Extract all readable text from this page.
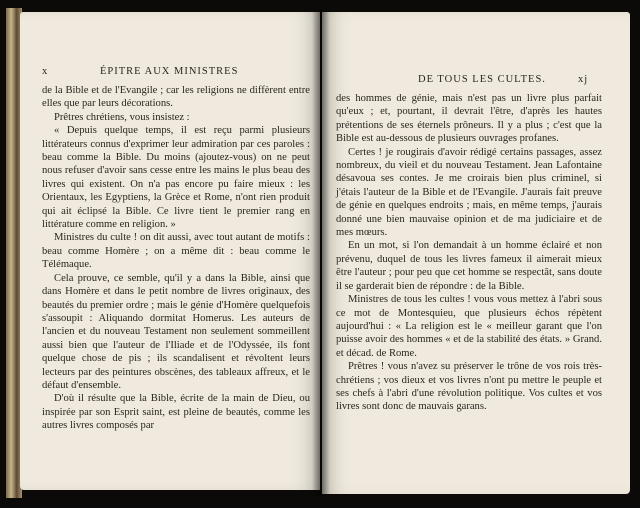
x	ÉPITRE AUX MINISTRES

de la Bible et de l'Evangile ; car les religions ne diffèrent entre elles que par leurs décorations.

Prêtres chrétiens, vous insistez :

« Depuis quelque temps, il est reçu parmi plusieurs littérateurs connus d'exprimer leur admiration par ces paroles : beau comme la Bible. Du moins (ajoutez-vous) on ne peut nous refuser d'avoir sans cesse entre les mains le plus beau des livres qui existent. On n'a pas encore pu faire mieux : les Orientaux, les Egyptiens, la Grèce et Rome, n'ont rien produit qui ait éclipsé la Bible. Ce livre tient le premier rang en littérature comme en religion. »

Ministres du culte ! on dit aussi, avec tout autant de motifs : beau comme Homère ; on a même dit : beau comme le Télémaque.

Cela prouve, ce semble, qu'il y a dans la Bible, ainsi que dans Homère et dans le petit nombre de livres originaux, des beautés du premier ordre ; mais le génie d'Homère quelquefois s'assoupit : Aliquando dormitat Homerus. Les auteurs de l'ancien et du nouveau Testament non seulement sommeillent aussi bien que l'auteur de l'Iliade et de l'Odyssée, ils font quelque chose de pis ; ils scandalisent et révoltent leurs lecteurs par des peintures obscènes, des tableaux affreux, et le défaut d'ensemble.

D'où il résulte que la Bible, écrite de la main de Dieu, ou inspirée par son Esprit saint, est pleine de beautés, comme les autres livres composés par

DE TOUS LES CULTES.	xj

des hommes de génie, mais n'est pas un livre plus parfait qu'eux ; et, pourtant, il devrait l'être, d'après les hautes prétentions de ses éternels prôneurs. Il y a plus ; c'est que la Bible est au-dessous de plusieurs ouvrages profanes.

Certes ! je rougirais d'avoir rédigé certains passages, assez nombreux, du vieil et du nouveau Testament. Jean Lafontaine désavoua ses contes. Je me croirais bien plus criminel, si j'étais l'auteur de la Bible et de l'Evangile. J'aurais fait preuve de génie en quelques endroits ; mais, en même temps, j'aurais donné une bien mauvaise opinion et de ma judiciaire et de mes mœurs.

En un mot, si l'on demandait à un homme éclairé et non prévenu, duquel de tous les livres fameux il aimerait mieux être l'auteur ; pour peu que cet homme se respectât, sans doute il se garderait bien de répondre : de la Bible.

Ministres de tous les cultes ! vous vous mettez à l'abri sous ce mot de Montesquieu, que plusieurs échos répètent aujourd'hui : « La religion est le « meilleur garant que l'on puisse avoir des hommes « et de la stabilité des états. » Grand. et décad. de Rome.

Prêtres ! vous n'avez su préserver le trône de vos rois très-chrétiens ; vos dieux et vos livres n'ont pu mettre le peuple et ses chefs à l'abri d'une révolution politique. Vos cultes et vos livres sont donc de mauvais garans.
